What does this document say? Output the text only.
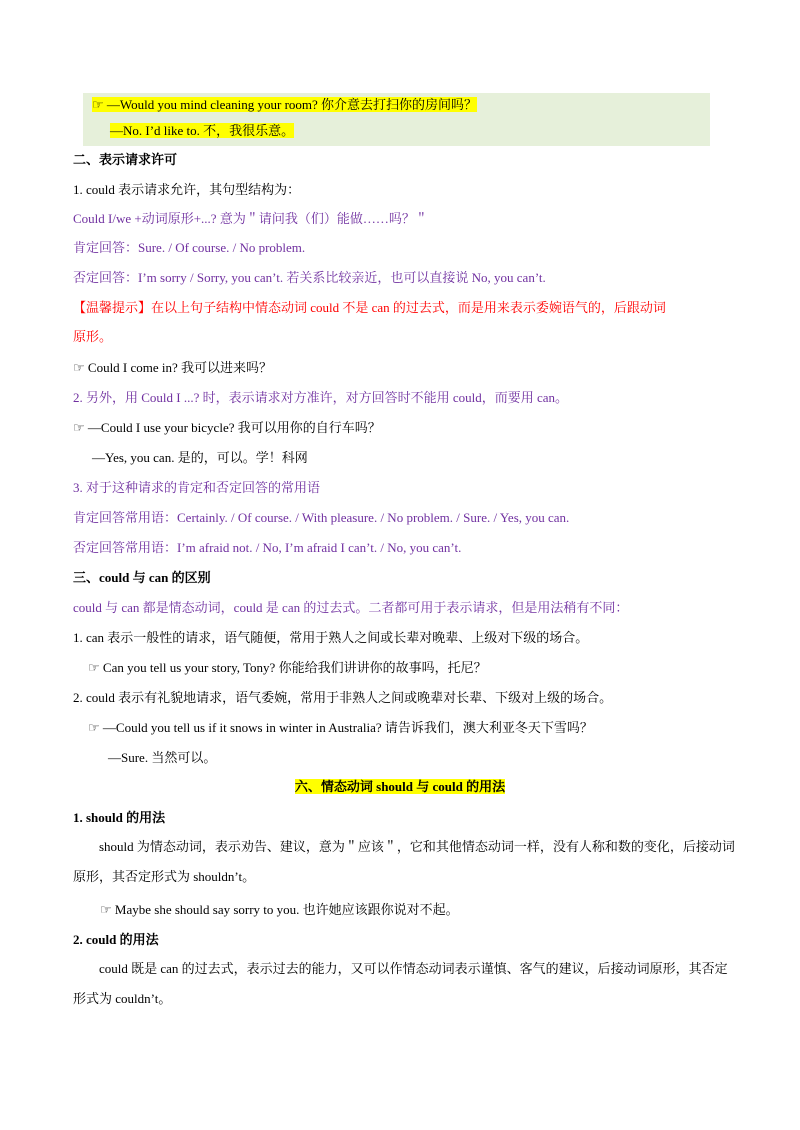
☞ —Would you mind cleaning your room? 你介意去打扫你的房间吗？
—No. I’d like to. 不，我很乐意。
二、表示请求许可
1. could 表示请求允许，其句型结构为：
Could I/we +动词原形+...? 意为＂请问我（们）能做……吗？＂
肯定回答：Sure. / Of course. / No problem.
否定回答：I’m sorry / Sorry, you can’t. 若关系比较亲近，也可以直接说 No, you can’t.
【温馨提示】在以上句子结构中情态动词 could 不是 can 的过去式，而是用来表示委婉语气的，后跟动词
原形。
☞ Could I come in? 我可以进来吗？
2. 另外，用 Could I ...? 时，表示请求对方准许，对方回答时不能用 could，而要用 can。
☞ —Could I use your bicycle? 我可以用你的自行车吗？
—Yes, you can. 是的，可以。学！科网
3. 对于这种请求的肯定和否定回答的常用语
肯定回答常用语：Certainly. / Of course. / With pleasure. / No problem. / Sure. / Yes, you can.
否定回答常用语：I’m afraid not. / No, I’m afraid I can’t. / No, you can’t.
三、could 与 can 的区别
could 与 can 都是情态动词，could 是 can 的过去式。二者都可用于表示请求，但是用法稍有不同：
1. can 表示一般性的请求，语气随便，常用于熟人之间或长辈对晚辈、上级对下级的场合。
☞ Can you tell us your story, Tony? 你能给我们讲讲你的故事吗，托尼？
2. could 表示有礼貌地请求，语气委婉，常用于非熟人之间或晚辈对长辈、下级对上级的场合。
☞ —Could you tell us if it snows in winter in Australia? 请告诉我们，澳大利亚冬天下雪吗？
—Sure. 当然可以。
六、情态动词 should 与 could 的用法
1. should 的用法
should 为情态动词，表示劝告、建议，意为＂应该＂，它和其他情态动词一样，没有人称和数的变化，后接动词原形，其否定形式为 shouldn’t。
☞ Maybe she should say sorry to you. 也许她应该跟你说对不起。
2. could 的用法
could 既是 can 的过去式，表示过去的能力，又可以作情态动词表示谨慎、客气的建议，后接动词原形，其否定形式为 couldn’t。
